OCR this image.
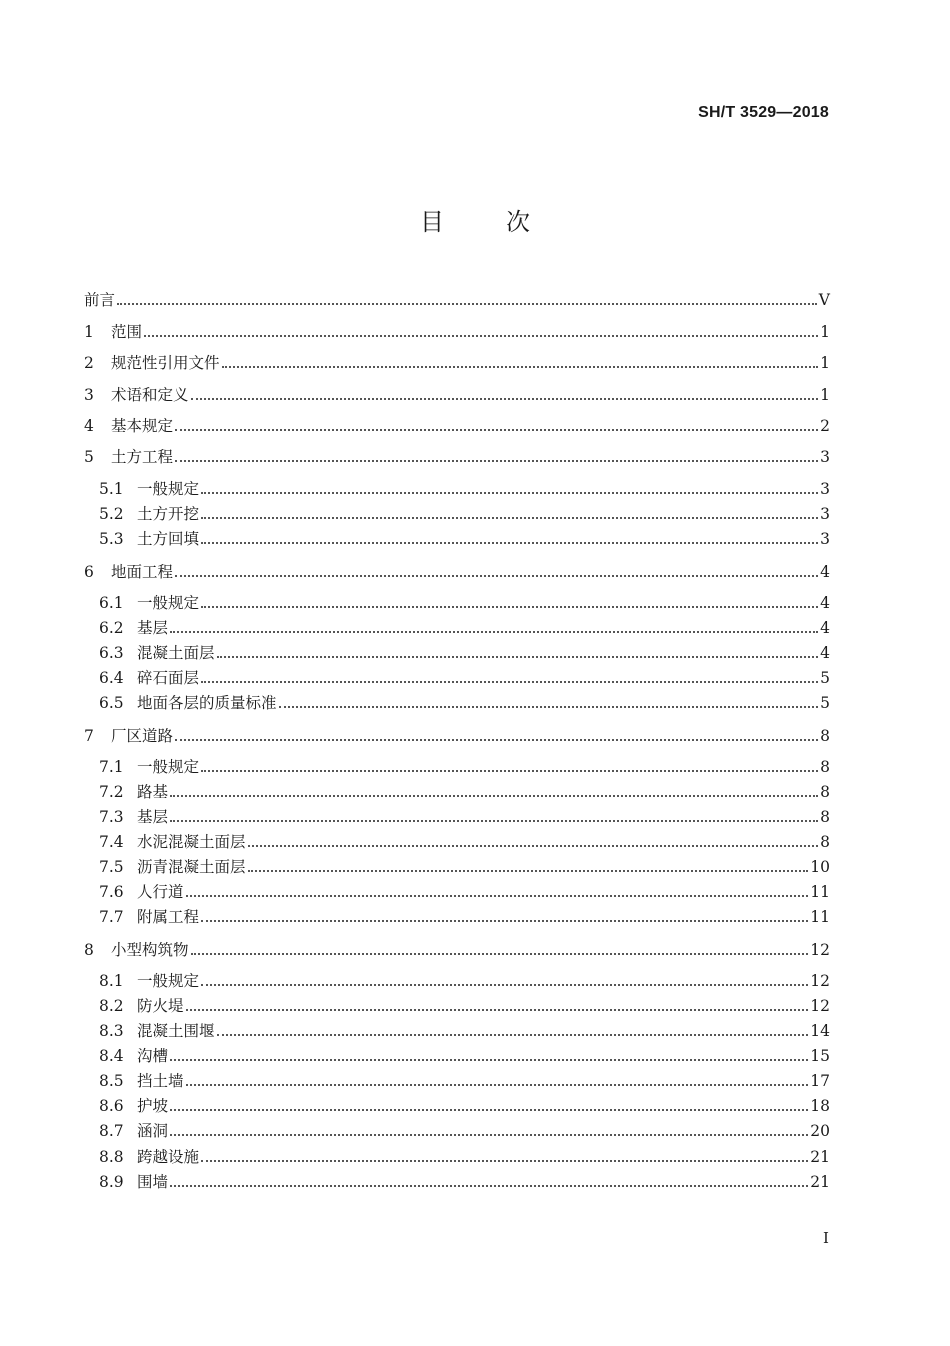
SH/T 3529—2018
目	次
前言	V
1	范围	1
2	规范性引用文件	1
3	术语和定义	1
4	基本规定	2
5	土方工程	3
5.1 一般规定	3
5.2 土方开挖	3
5.3 土方回填	3
6	地面工程	4
6.1 一般规定	4
6.2 基层	4
6.3 混凝土面层	4
6.4 碎石面层	5
6.5 地面各层的质量标准	5
7	厂区道路	8
7.1 一般规定	8
7.2 路基	8
7.3 基层	8
7.4 水泥混凝土面层	8
7.5 沥青混凝土面层	10
7.6 人行道	11
7.7 附属工程	11
8	小型构筑物	12
8.1 一般规定	12
8.2 防火堤	12
8.3 混凝土围堰	14
8.4 沟槽	15
8.5 挡土墙	17
8.6 护坡	18
8.7 涵洞	20
8.8 跨越设施	21
8.9 围墙	21
I
